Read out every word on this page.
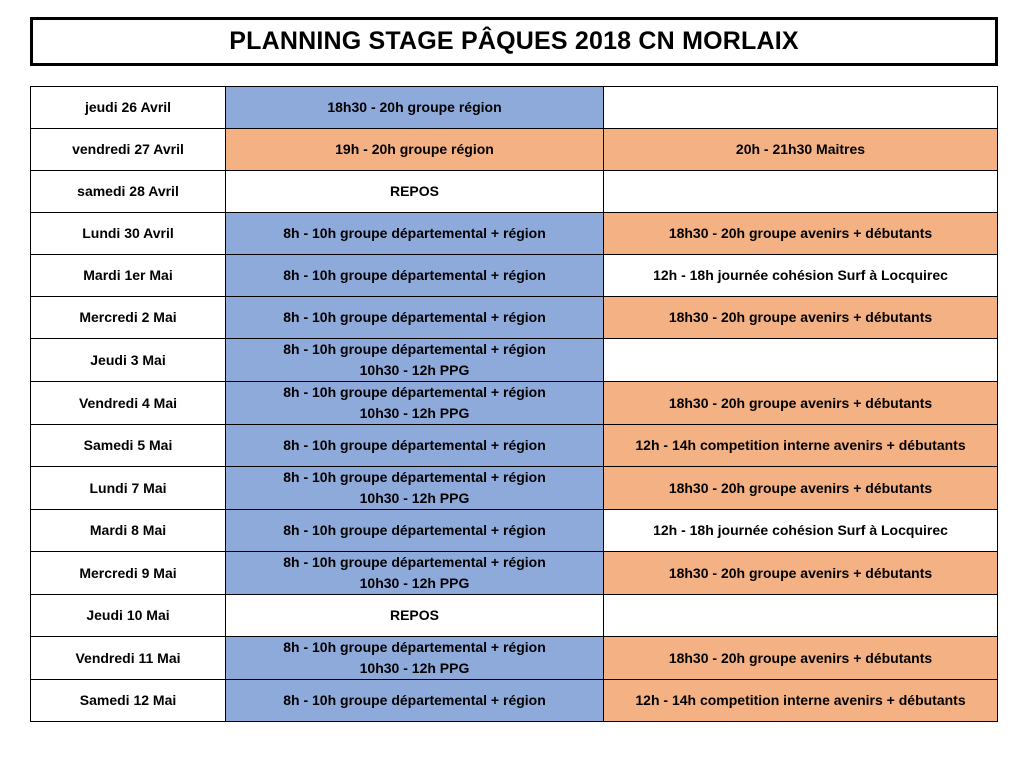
PLANNING STAGE PÂQUES 2018 CN MORLAIX
jeudi 26 Avril	18h30 - 20h groupe région	

vendredi 27 Avril	19h - 20h groupe région	20h - 21h30 Maitres

samedi 28 Avril	REPOS	

Lundi 30 Avril	8h - 10h groupe départemental + région	18h30 - 20h groupe avenirs + débutants

Mardi 1er Mai	8h - 10h groupe départemental + région	12h - 18h journée cohésion Surf à Locquirec

Mercredi 2 Mai	8h - 10h groupe départemental + région	18h30 - 20h groupe avenirs + débutants

Jeudi 3 Mai	8h - 10h groupe départemental + région
10h30 - 12h PPG	

Vendredi 4 Mai	8h - 10h groupe départemental + région
10h30 - 12h PPG	18h30 - 20h groupe avenirs + débutants

Samedi 5 Mai	8h - 10h groupe départemental + région	12h - 14h competition interne avenirs + débutants

Lundi 7 Mai	8h - 10h groupe départemental + région
10h30 - 12h PPG	18h30 - 20h groupe avenirs + débutants

Mardi 8 Mai	8h - 10h groupe départemental + région	12h - 18h journée cohésion Surf à Locquirec

Mercredi 9 Mai	8h - 10h groupe départemental + région
10h30 - 12h PPG	18h30 - 20h groupe avenirs + débutants

Jeudi 10 Mai	REPOS	

Vendredi 11 Mai	8h - 10h groupe départemental + région
10h30 - 12h PPG	18h30 - 20h groupe avenirs + débutants

Samedi 12 Mai	8h - 10h groupe départemental + région	12h - 14h competition interne avenirs + débutants
